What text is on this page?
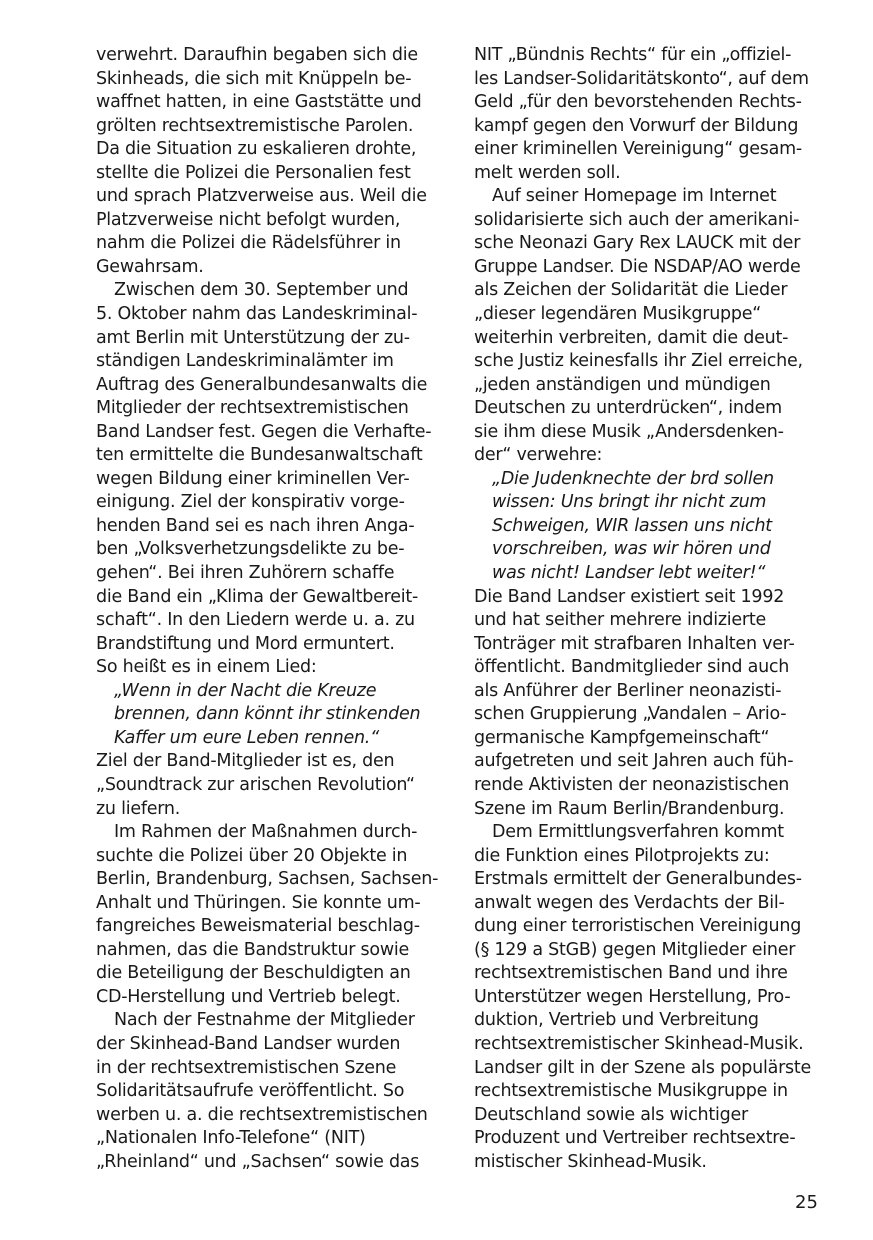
verwehrt. Daraufhin begaben sich die
Skinheads, die sich mit Knüppeln be-
waffnet hatten, in eine Gaststätte und
grölten rechtsextremistische Parolen.
Da die Situation zu eskalieren drohte,
stellte die Polizei die Personalien fest
und sprach Platzverweise aus. Weil die
Platzverweise nicht befolgt wurden,
nahm die Polizei die Rädelsführer in
Gewahrsam.
Zwischen dem 30. September und
5. Oktober nahm das Landeskriminal-
amt Berlin mit Unterstützung der zu-
ständigen Landeskriminalämter im
Auftrag des Generalbundesanwalts die
Mitglieder der rechtsextremistischen
Band Landser fest. Gegen die Verhafte-
ten ermittelte die Bundesanwaltschaft
wegen Bildung einer kriminellen Ver-
einigung. Ziel der konspirativ vorge-
henden Band sei es nach ihren Anga-
ben „Volksverhetzungsdelikte zu be-
gehen“. Bei ihren Zuhörern schaffe
die Band ein „Klima der Gewaltbereit-
schaft“. In den Liedern werde u. a. zu
Brandstiftung und Mord ermuntert.
So heißt es in einem Lied:
„Wenn in der Nacht die Kreuze
brennen, dann könnt ihr stinkenden
Kaffer um eure Leben rennen.“
Ziel der Band-Mitglieder ist es, den
„Soundtrack zur arischen Revolution“
zu liefern.
Im Rahmen der Maßnahmen durch-
suchte die Polizei über 20 Objekte in
Berlin, Brandenburg, Sachsen, Sachsen-
Anhalt und Thüringen. Sie konnte um-
fangreiches Beweismaterial beschlag-
nahmen, das die Bandstruktur sowie
die Beteiligung der Beschuldigten an
CD-Herstellung und Vertrieb belegt.
Nach der Festnahme der Mitglieder
der Skinhead-Band Landser wurden
in der rechtsextremistischen Szene
Solidaritätsaufrufe veröffentlicht. So
werben u. a. die rechtsextremistischen
„Nationalen Info-Telefone“ (NIT)
„Rheinland“ und „Sachsen“ sowie das
NIT „Bündnis Rechts“ für ein „offiziel-
les Landser-Solidaritätskonto“, auf dem
Geld „für den bevorstehenden Rechts-
kampf gegen den Vorwurf der Bildung
einer kriminellen Vereinigung“ gesam-
melt werden soll.
Auf seiner Homepage im Internet
solidarisierte sich auch der amerikani-
sche Neonazi Gary Rex LAUCK mit der
Gruppe Landser. Die NSDAP/AO werde
als Zeichen der Solidarität die Lieder
„dieser legendären Musikgruppe“
weiterhin verbreiten, damit die deut-
sche Justiz keinesfalls ihr Ziel erreiche,
„jeden anständigen und mündigen
Deutschen zu unterdrücken“, indem
sie ihm diese Musik „Andersdenken-
der“ verwehre:
„Die Judenknechte der brd sollen
wissen: Uns bringt ihr nicht zum
Schweigen, WIR lassen uns nicht
vorschreiben, was wir hören und
was nicht! Landser lebt weiter!“
Die Band Landser existiert seit 1992
und hat seither mehrere indizierte
Tonträger mit strafbaren Inhalten ver-
öffentlicht. Bandmitglieder sind auch
als Anführer der Berliner neonazisti-
schen Gruppierung „Vandalen – Ario-
germanische Kampfgemeinschaft“
aufgetreten und seit Jahren auch füh-
rende Aktivisten der neonazistischen
Szene im Raum Berlin/Brandenburg.
Dem Ermittlungsverfahren kommt
die Funktion eines Pilotprojekts zu:
Erstmals ermittelt der Generalbundes-
anwalt wegen des Verdachts der Bil-
dung einer terroristischen Vereinigung
(§ 129 a StGB) gegen Mitglieder einer
rechtsextremistischen Band und ihre
Unterstützer wegen Herstellung, Pro-
duktion, Vertrieb und Verbreitung
rechtsextremistischer Skinhead-Musik.
Landser gilt in der Szene als populärste
rechtsextremistische Musikgruppe in
Deutschland sowie als wichtiger
Produzent und Vertreiber rechtsextre-
mistischer Skinhead-Musik.
25
